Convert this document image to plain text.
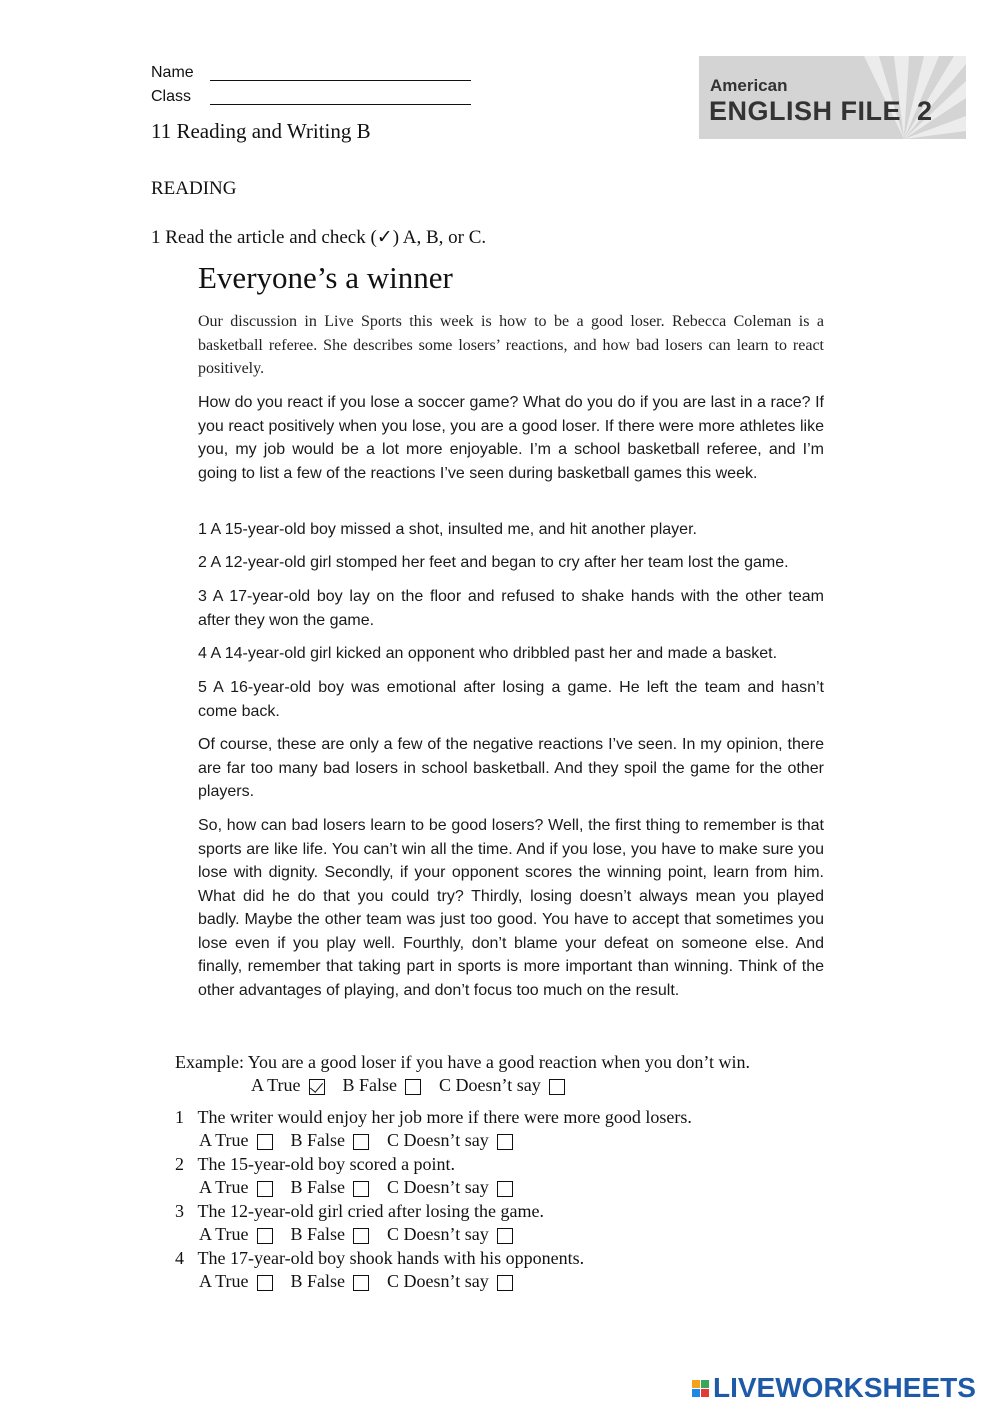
Name
Class
American
ENGLISH FILE 2
11 Reading and Writing B
READING
1 Read the article and check (✓) A, B, or C.
Everyone’s a winner
Our discussion in Live Sports this week is how to be a good loser. Rebecca Coleman is a basketball referee. She describes some losers’ reactions, and how bad losers can learn to react positively.
How do you react if you lose a soccer game? What do you do if you are last in a race? If you react positively when you lose, you are a good loser. If there were more athletes like you, my job would be a lot more enjoyable. I’m a school basketball referee, and I’m going to list a few of the reactions I’ve seen during basketball games this week.
1 A 15-year-old boy missed a shot, insulted me, and hit another player.
2 A 12-year-old girl stomped her feet and began to cry after her team lost the game.
3 A 17-year-old boy lay on the floor and refused to shake hands with the other team after they won the game.
4 A 14-year-old girl kicked an opponent who dribbled past her and made a basket.
5 A 16-year-old boy was emotional after losing a game. He left the team and hasn’t come back.
Of course, these are only a few of the negative reactions I’ve seen. In my opinion, there are far too many bad losers in school basketball. And they spoil the game for the other players.
So, how can bad losers learn to be good losers? Well, the first thing to remember is that sports are like life. You can’t win all the time. And if you lose, you have to make sure you lose with dignity. Secondly, if your opponent scores the winning point, learn from him. What did he do that you could try? Thirdly, losing doesn’t always mean you played badly. Maybe the other team was just too good. You have to accept that sometimes you lose even if you play well. Fourthly, don’t blame your defeat on someone else. And finally, remember that taking part in sports is more important than winning. Think of the other advantages of playing, and don’t focus too much on the result.
Example: You are a good loser if you have a good reaction when you don’t win.
A True B False C Doesn’t say
1 The writer would enjoy her job more if there were more good losers.
A True B False C Doesn’t say
2 The 15-year-old boy scored a point.
A True B False C Doesn’t say
3 The 12-year-old girl cried after losing the game.
A True B False C Doesn’t say
4 The 17-year-old boy shook hands with his opponents.
A True B False C Doesn’t say
LIVEWORKSHEETS
